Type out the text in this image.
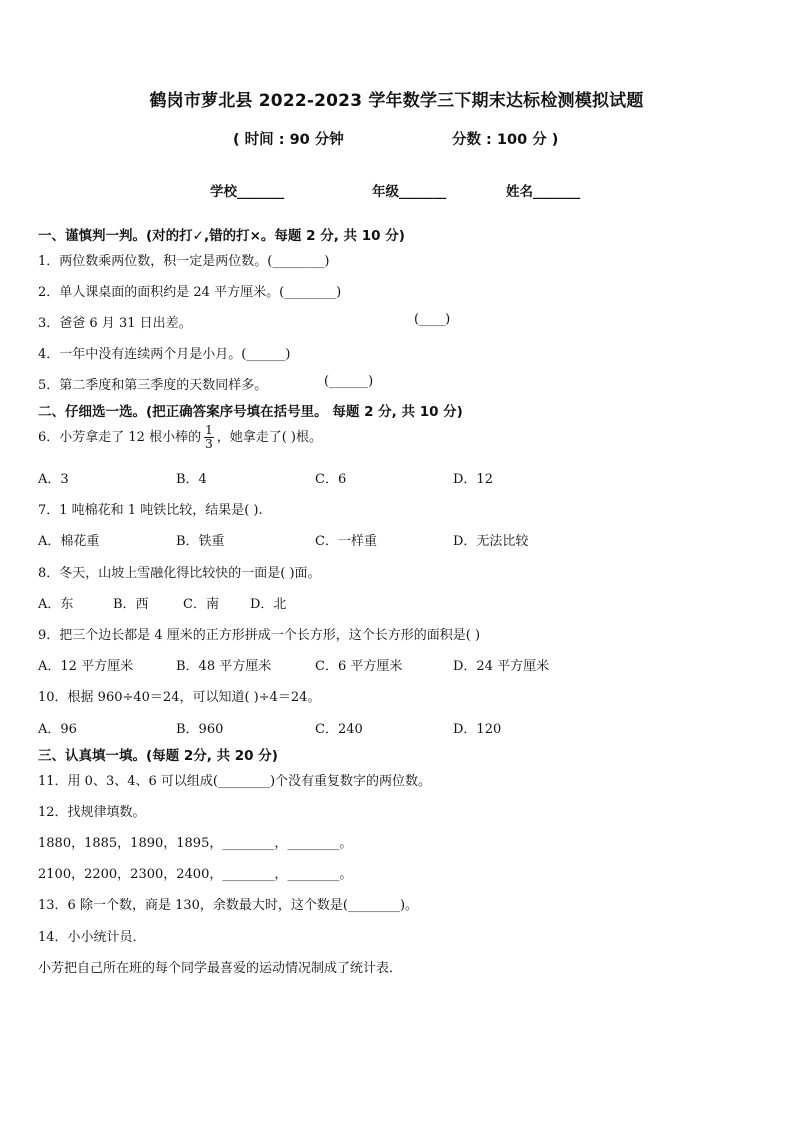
鹤岗市萝北县 2022-2023 学年数学三下期末达标检测模拟试题
( 时间 : 90 分钟	分数 : 100 分 )
学校_______	年级_______	姓名_______
一、谨慎判一判。(对的打✓,错的打×。每题 2 分, 共 10 分)
1．两位数乘两位数，积一定是两位数。(________)
2．单人课桌面的面积约是 24 平方厘米。(________)
3．爸爸 6 月 31 日出差。	(____)
4．一年中没有连续两个月是小月。(______)
5．第二季度和第三季度的天数同样多。	(______)
二、仔细选一选。(把正确答案序号填在括号里。 每题 2 分, 共 10 分)
6．小芳拿走了 12 根小棒的 $\frac{1}{3}$ ，她拿走了( )根。
A．3	B．4	C．6	D．12
7．1 吨棉花和 1 吨铁比较，结果是( ).
A．棉花重	B．铁重	C．一样重	D．无法比较
8．冬天，山坡上雪融化得比较快的一面是( )面。
A．东	B．西	C．南 D．北
9．把三个边长都是 4 厘米的正方形拼成一个长方形，这个长方形的面积是( )
A．12 平方厘米	B．48 平方厘米	C．6 平方厘米	D．24 平方厘米
10．根据 960÷40＝24，可以知道( )÷4＝24。
A．96	B．960	C．240	D．120
三、认真填一填。(每题 2分, 共 20 分)
11．用 0、3、4、6 可以组成(________)个没有重复数字的两位数。
12．找规律填数。
1880，1885，1890，1895，________，________。
2100，2200，2300，2400，________，________。
13．6 除一个数，商是 130，余数最大时，这个数是(________)。
14．小小统计员．
小芳把自己所在班的每个同学最喜爱的运动情况制成了统计表．
